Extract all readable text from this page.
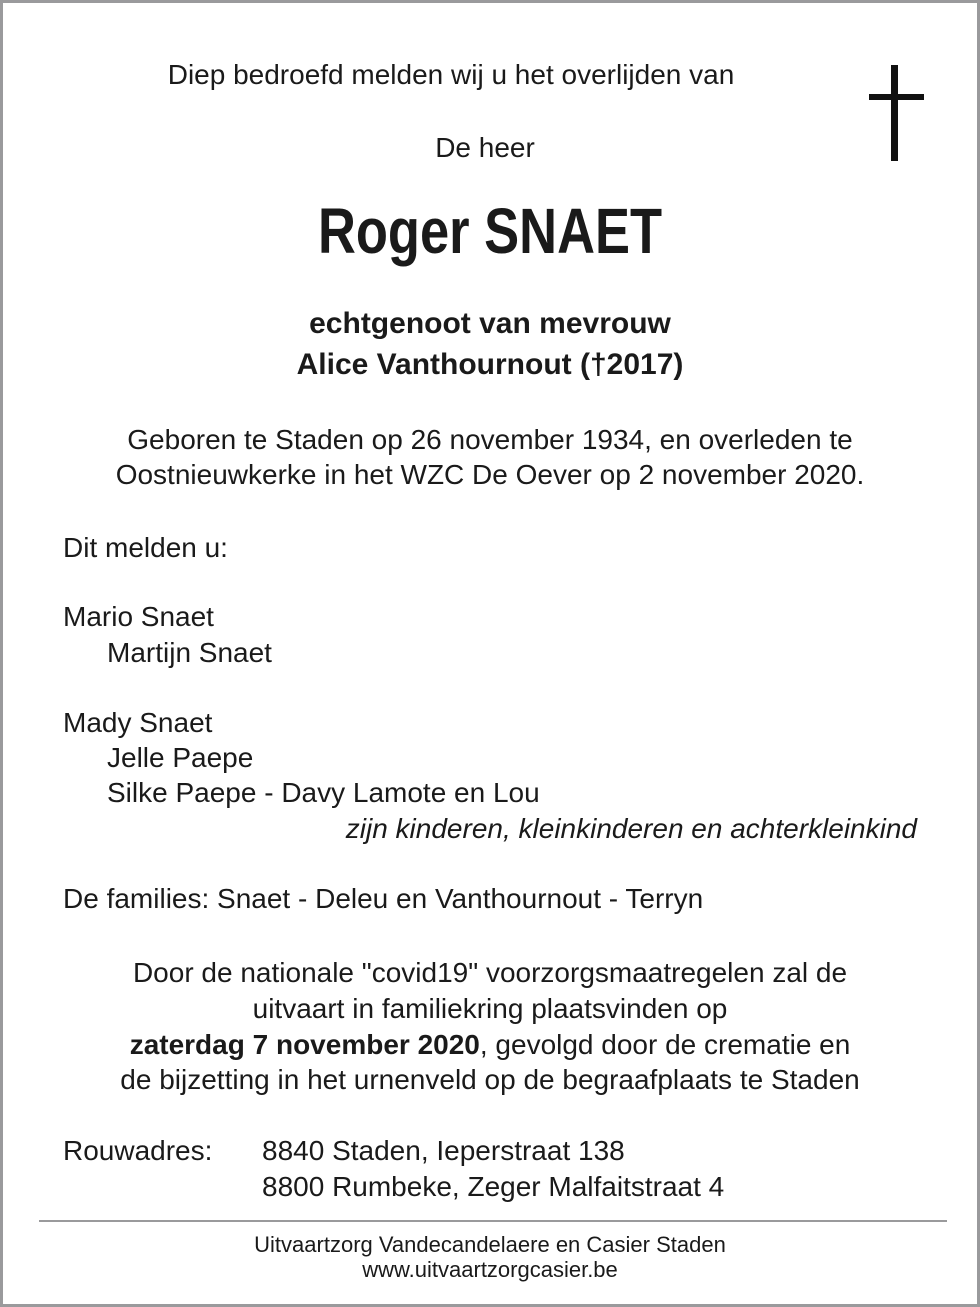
Diep bedroefd melden wij u het overlijden van
De heer
Roger SNAET
echtgenoot van mevrouw
Alice Vanthournout (†2017)
Geboren te Staden op 26 november 1934, en overleden te
Oostnieuwkerke in het WZC De Oever op 2 november 2020.
Dit melden u:
Mario Snaet
Martijn Snaet
Mady Snaet
Jelle Paepe
Silke Paepe - Davy Lamote en Lou
zijn kinderen, kleinkinderen en achterkleinkind
De families: Snaet - Deleu en Vanthournout - Terryn
Door de nationale "covid19" voorzorgsmaatregelen zal de
uitvaart in familiekring plaatsvinden op
zaterdag 7 november 2020, gevolgd door de crematie en
de bijzetting in het urnenveld op de begraafplaats te Staden
Rouwadres: 8840 Staden, Ieperstraat 138
8800 Rumbeke, Zeger Malfaitstraat 4
Uitvaartzorg Vandecandelaere en Casier Staden
www.uitvaartzorgcasier.be
